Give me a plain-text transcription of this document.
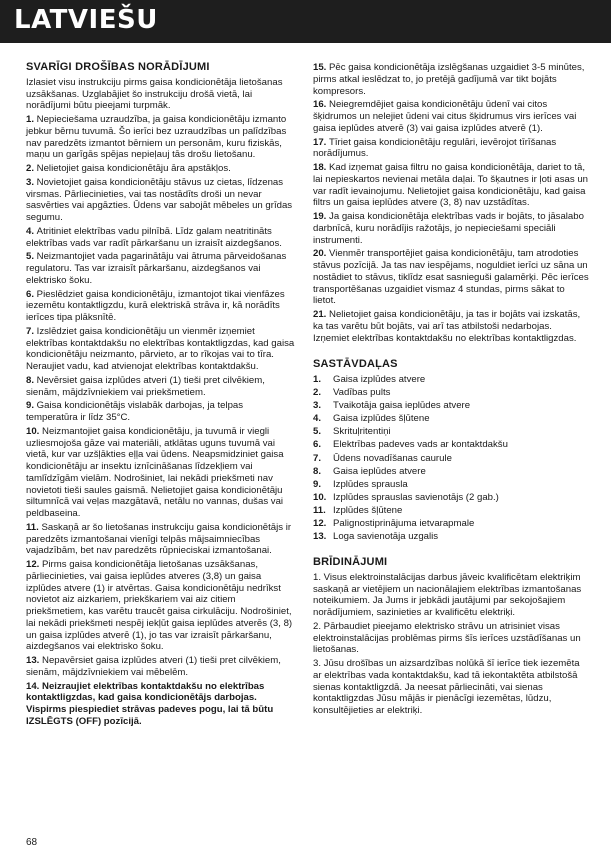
LATVIEŠU
SVARĪGI DROŠĪBAS NORĀDĪJUMI

Izlasiet visu instrukciju pirms gaisa kondicionētāja lietošanas uzsākšanas. Uzglabājiet šo instrukciju drošā vietā, lai norādījumi būtu pieejami turpmāk.

1. Nepieciešama uzraudzība, ja gaisa kondicionētāju izmanto jebkur bērnu tuvumā. Šo ierīci bez uzraudzības un palīdzības nav paredzēts izmantot bērniem un personām, kuru fiziskās, maņu un garīgās spējas nepieļauj tās drošu lietošanu.

2. Nelietojiet gaisa kondicionētāju āra apstākļos.

3. Novietojiet gaisa kondicionētāju stāvus uz cietas, līdzenas virsmas. Pārliecinieties, vai tas nostādīts droši un nevar sasvērties vai apgāzties. Ūdens var sabojāt mēbeles un grīdas segumu.

4. Atritiniet elektrības vadu pilnībā. Līdz galam neatritināts elektrības vads var radīt pārkaršanu un izraisīt aizdegšanos.

5. Neizmantojiet vada pagarinātāju vai ātruma pārveidošanas regulatoru. Tas var izraisīt pārkaršanu, aizdegšanos vai elektrisko šoku.

6. Pieslēdziet gaisa kondicionētāju, izmantojot tikai vienfāzes iezemētu kontaktligzdu, kurā elektriskā strāva ir, kā norādīts ierīces tipa plāksnītē.

7. Izslēdziet gaisa kondicionētāju un vienmēr izņemiet elektrības kontaktdakšu no elektrības kontaktligzdas, kad gaisa kondicionētāju neizmanto, pārvieto, ar to rīkojas vai to tīra. Neraujiet vadu, kad atvienojat elektrības kontaktdakšu.

8. Nevērsiet gaisa izplūdes atveri (1) tieši pret cilvēkiem, sienām, mājdzīvniekiem vai priekšmetiem.

9. Gaisa kondicionētājs vislabāk darbojas, ja telpas temperatūra ir līdz 35°C.

10. Neizmantojiet gaisa kondicionētāju, ja tuvumā ir viegli uzliesmojoša gāze vai materiāli, atklātas uguns tuvumā vai vietā, kur var uzšļākties eļļa vai ūdens. Neapsmidziniet gaisa kondicionētāju ar insektu iznīcināšanas līdzekļiem vai tamlīdzīgām vielām. Nodrošiniet, lai nekādi priekšmeti nav novietoti tieši saules gaismā. Nelietojiet gaisa kondicionētāju siltumnīcā vai veļas mazgātavā, netālu no vannas, dušas vai peldbaseina.

11. Saskaņā ar šo lietošanas instrukciju gaisa kondicionētājs ir paredzēts izmantošanai vienīgi telpās mājsaimniecības vajadzībām, bet nav paredzēts rūpnieciskai izmantošanai.

12. Pirms gaisa kondicionētāja lietošanas uzsākšanas, pārliecinieties, vai gaisa ieplūdes atveres (3,8) un gaisa izplūdes atvere (1) ir atvērtas. Gaisa kondicionētāju nedrīkst novietot aiz aizkariem, priekškariem vai aiz citiem priekšmetiem, kas varētu traucēt gaisa cirkulāciju. Nodrošiniet, lai nekādi priekšmeti nespēj iekļūt gaisa ieplūdes atverēs (3, 8) un gaisa izplūdes atverē (1), jo tas var izraisīt pārkaršanu, aizdegšanos vai elektrisko šoku.

13. Nepavērsiet gaisa izplūdes atveri (1) tieši pret cilvēkiem, sienām, mājdzīvniekiem vai mēbelēm.

14. Neizraujiet elektrības kontaktdakšu no elektrības kontaktligzdas, kad gaisa kondicionētājs darbojas. Vispirms piespiediet strāvas padeves pogu, lai tā būtu IZSLĒGTS (OFF) pozīcijā.

15. Pēc gaisa kondicionētāja izslēgšanas uzgaidiet 3-5 minūtes, pirms atkal ieslēdzat to, jo pretējā gadījumā var tikt bojāts kompresors.

16. Neiegremdējiet gaisa kondicionētāju ūdenī vai citos šķidrumos un nelejiet ūdeni vai citus šķidrumus virs ierīces vai gaisa ieplūdes atverē (3) vai gaisa izplūdes atverē (1).

17. Tīriet gaisa kondicionētāju regulāri, ievērojot tīrīšanas norādījumus.

18. Kad izņemat gaisa filtru no gaisa kondicionētāja, dariet to tā, lai nepieskartos nevienai metāla daļai. To šķautnes ir ļoti asas un var radīt ievainojumu. Nelietojiet gaisa kondicionētāju, kad gaisa filtrs un gaisa ieplūdes atvere (3, 8) nav uzstādītas.

19. Ja gaisa kondicionētāja elektrības vads ir bojāts, to jāsalabo darbnīcā, kuru norādījis ražotājs, jo nepieciešami speciāli instrumenti.

20. Vienmēr transportējiet gaisa kondicionētāju, tam atrodoties stāvus pozīcijā. Ja tas nav iespējams, noguldiet ierīci uz sāna un nostādiet to stāvus, tiklīdz esat sasnieguši galamērķi. Pēc ierīces transportēšanas uzgaidiet vismaz 4 stundas, pirms sākat to lietot.

21. Nelietojiet gaisa kondicionētāju, ja tas ir bojāts vai izskatās, ka tas varētu būt bojāts, vai arī tas atbilstoši nedarbojas. Izņemiet elektrības kontaktdakšu no elektrības kontaktligzdas.

SASTĀVDAĻAS
1.	Gaisa izplūdes atvere
2.	Vadības pults
3.	Tvaikotāja gaisa ieplūdes atvere
4.	Gaisa izplūdes šļūtene
5.	Skrituļritentiņi
6.	Elektrības padeves vads ar kontaktdakšu
7.	Ūdens novadīšanas caurule
8.	Gaisa ieplūdes atvere
9.	Izplūdes sprausla
10. Izplūdes sprauslas savienotājs (2 gab.)
11. Izplūdes šļūtene
12. Palignostiprinājuma ietvarapmale
13. Loga savienotāja uzgalis
BRĪDINĀJUMI

1. Visus elektroinstalācijas darbus jāveic kvalificētam elektriķim saskaņā ar vietējiem un nacionālajiem elektrības izmantošanas noteikumiem. Ja Jums ir jebkādi jautājumi par sekojošajiem norādījumiem, sazinieties ar kvalificētu elektriķi.

2. Pārbaudiet pieejamo elektrisko strāvu un atrisiniet visas elektroinstalācijas problēmas pirms šīs ierīces uzstādīšanas un lietošanas.

3. Jūsu drošības un aizsardzības nolūkā šī ierīce tiek iezemēta ar elektrības vada kontaktdakšu, kad tā iekontaktēta atbilstošā sienas kontaktligzdā. Ja neesat pārliecināti, vai sienas kontaktligzdas Jūsu mājās ir pienācīgi iezemētas, lūdzu, konsultējieties ar elektriķi.

68
